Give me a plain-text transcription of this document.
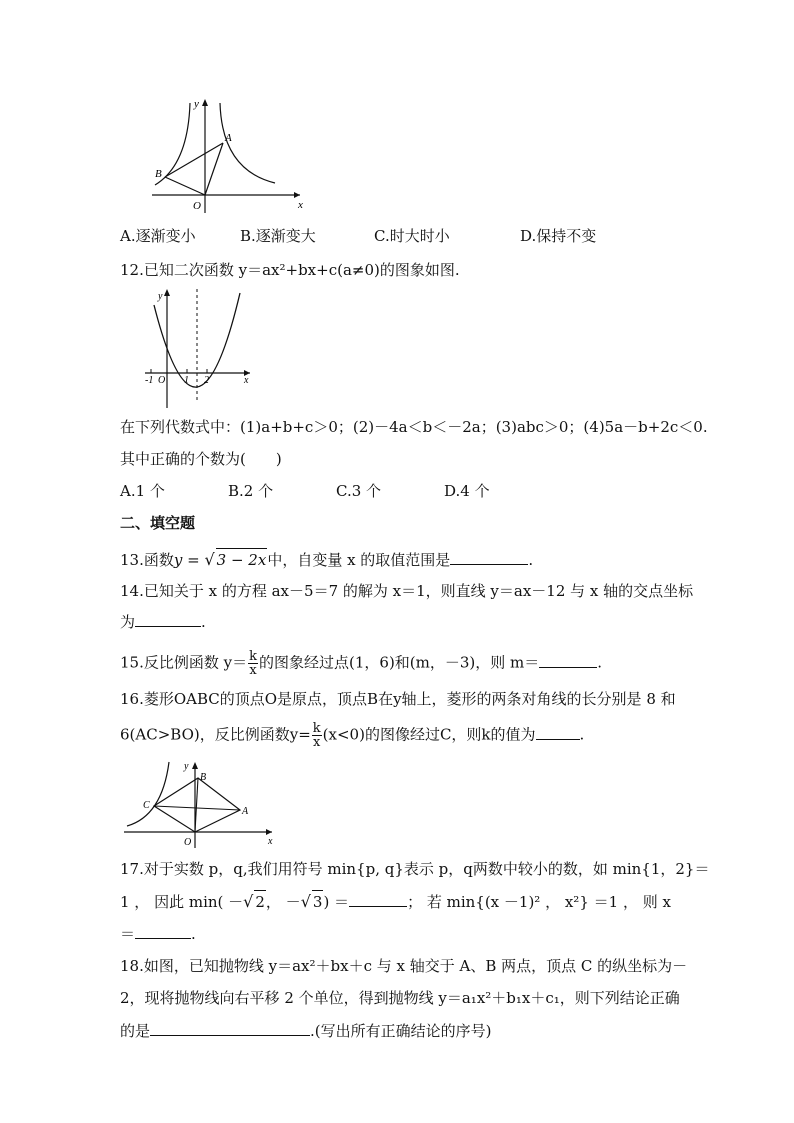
y
x
O
A
B
A.逐渐变小	B.逐渐变大	C.时大时小	D.保持不变
12.已知二次函数 y＝ax²+bx+c(a≠0)的图象如图.
y
x
O
-1	1 2
在下列代数式中：(1)a+b+c＞0；(2)－4a＜b＜－2a；(3)abc＞0；(4)5a－b+2c＜0.
其中正确的个数为(　　)
A.1 个	B.2 个	C.3 个	D.4 个
二、填空题
13.函数y = √ 3 − 2x中，自变量 x 的取值范围是	.
14.已知关于 x 的方程 ax－5＝7 的解为 x＝1，则直线 y＝ax－12 与 x 轴的交点坐标
为	.
15.反比例函数 $y= \frac{k}{x}$ 的图象经过点(1，6)和(m，－3)，则 m＝	.
16.菱形OABC的顶点O是原点，顶点B在y轴上，菱形的两条对角线的长分别是 8 和
6(AC>BO)，反比例函数$y= \frac{k}{x} (x<0)$的图像经过C，则k的值为	.
y
x
O
A
B
C
17.对于实数 p，q,我们用符号 min{p, q}表示 p，q两数中较小的数，如 min{1，2}＝
1 ， 因此 min( －√ 2， －√ 3) ＝	； 若 min{(x －1)² ， x²} ＝1 ， 则 x
＝	.
18.如图，已知抛物线 y＝ax²＋bx＋c 与 x 轴交于 A、B 两点，顶点 C 的纵坐标为－
2，现将抛物线向右平移 2 个单位，得到抛物线 y＝a₁x²＋b₁x＋c₁，则下列结论正确
的是	.(写出所有正确结论的序号)
